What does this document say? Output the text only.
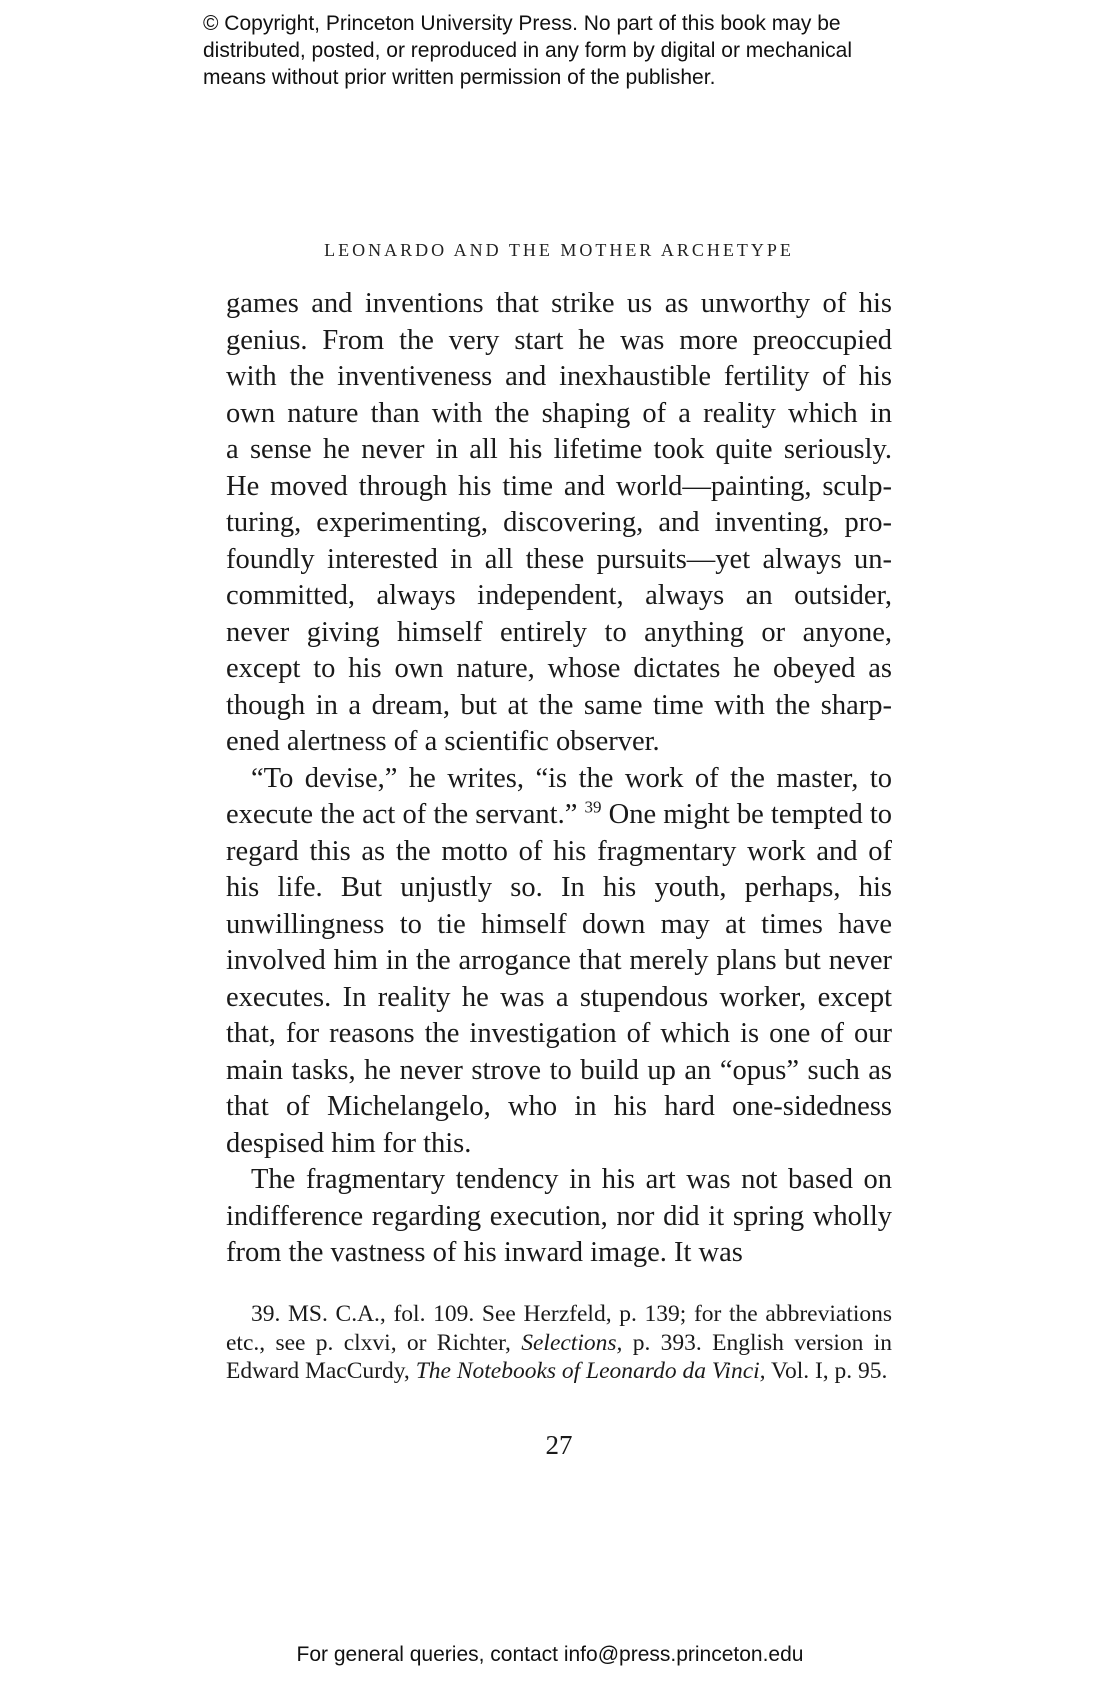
© Copyright, Princeton University Press. No part of this book may be
distributed, posted, or reproduced in any form by digital or mechanical
means without prior written permission of the publisher.
LEONARDO AND THE MOTHER ARCHETYPE

games and inventions that strike us as unworthy of his
genius. From the very start he was more preoccupied
with the inventiveness and inexhaustible fertility of his
own nature than with the shaping of a reality which in
a sense he never in all his lifetime took quite seriously.
He moved through his time and world—painting, sculp-
turing, experimenting, discovering, and inventing, pro-
foundly interested in all these pursuits—yet always un-
committed, always independent, always an outsider,
never giving himself entirely to anything or anyone,
except to his own nature, whose dictates he obeyed as
though in a dream, but at the same time with the sharp-
ened alertness of a scientific observer.

“To devise,” he writes, “is the work of the master, to execute the act of the servant.” $^{39}$ One might be tempted to regard this as the motto of his fragmentary work and of his life. But unjustly so. In his youth, perhaps, his unwillingness to tie himself down may at times have involved him in the arrogance that merely plans but never executes. In reality he was a stupendous worker, except that, for reasons the investigation of which is one of our main tasks, he never strove to build up an “opus” such as that of Michelangelo, who in his hard one-sidedness despised him for this.

The fragmentary tendency in his art was not based on indifference regarding execution, nor did it spring wholly from the vastness of his inward image. It was

39. MS. C.A., fol. 109. See Herzfeld, p. 139; for the abbreviations etc., see p. clxvi, or Richter, Selections, p. 393. English version in Edward MacCurdy, The Notebooks of Leonardo da Vinci, Vol. I, p. 95.
27
For general queries, contact info@press.princeton.edu
